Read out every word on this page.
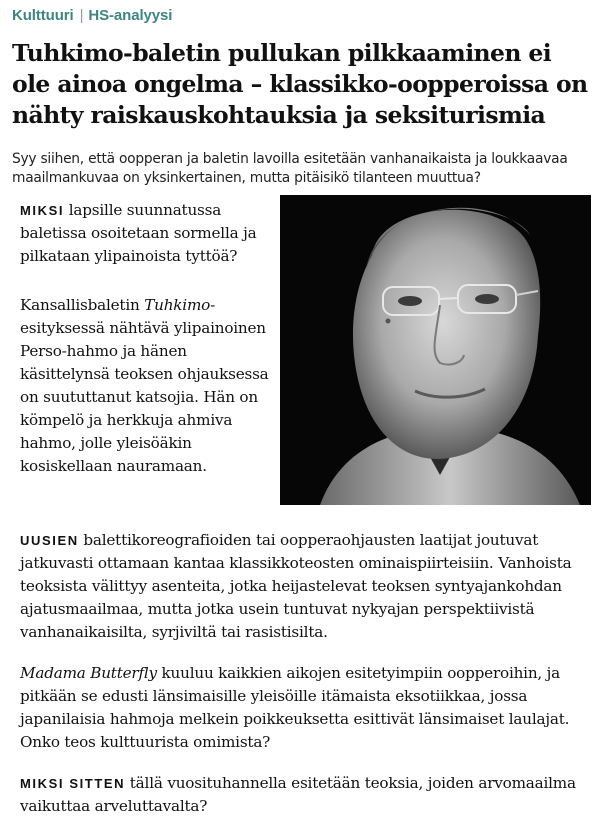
Kulttuuri | HS-analyysi
Tuhkimo-baletin pullukan pilkkaaminen ei ole ainoa ongelma – klassikko-oopperoissa on nähty raiskauskohtauksia ja seksiturismia

Syy siihen, että oopperan ja baletin lavoilla esitetään vanhanaikaista ja loukkaavaa maailmankuvaa on yksinkertainen, mutta pitäisikö tilanteen muuttua?

MIKSI lapsille suunnatussa baletissa osoitetaan sormella ja pilkataan ylipainoista tyttöä?

Kansallisbaletin Tuhkimo-esityksessä nähtävä ylipainoinen Perso-hahmo ja hänen käsittelynsä teoksen ohjauksessa on suututtanut katsojia. Hän on kömpelö ja herkkuja ahmiva hahmo, jolle yleisöäkin kosiskellaan nauramaan.

UUSIEN balettikoreografioiden tai oopperaohjausten laatijat joutuvat jatkuvasti ottamaan kantaa klassikkoteosten ominaispiirteisiin. Vanhoista teoksista välittyy asenteita, jotka heijastelevat teoksen syntyajankohdan ajatusmaailmaa, mutta jotka usein tuntuvat nykyajan perspektiivistä vanhanaikaisilta, syrjiviltä tai rasistisilta.

Madama Butterfly kuuluu kaikkien aikojen esitetyimpiin oopperoihin, ja pitkään se edusti länsimaisille yleisöille itämaista eksotiikkaa, jossa japanilaisia hahmoja melkein poikkeuksetta esittivät länsimaiset laulajat. Onko teos kulttuurista omimista?

MIKSI SITTEN tällä vuosituhannella esitetään teoksia, joiden arvomaailma vaikuttaa arveluttavalta?
